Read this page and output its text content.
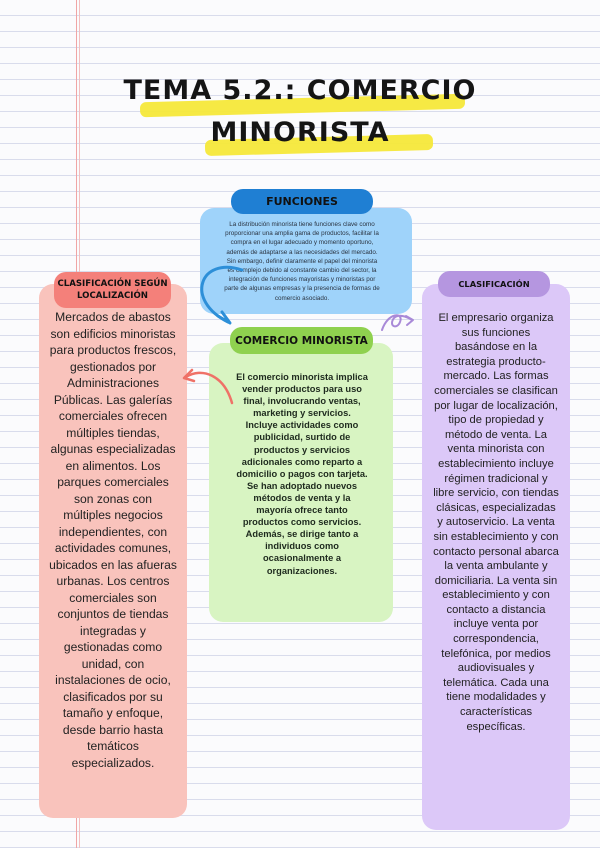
TEMA 5.2.: COMERCIO
MINORISTA
FUNCIONES
La distribución minorista tiene funciones clave como proporcionar una amplia gama de productos, facilitar la compra en el lugar adecuado y momento oportuno, además de adaptarse a las necesidades del mercado. Sin embargo, definir claramente el papel del minorista es complejo debido al constante cambio del sector, la integración de funciones mayoristas y minoristas por parte de algunas empresas y la presencia de formas de comercio asociado.
COMERCIO MINORISTA
El comercio minorista implica vender productos para uso final, involucrando ventas, marketing y servicios. Incluye actividades como publicidad, surtido de productos y servicios adicionales como reparto a domicilio o pagos con tarjeta. Se han adoptado nuevos métodos de venta y la mayoría ofrece tanto productos como servicios. Además, se dirige tanto a individuos como ocasionalmente a organizaciones.
CLASIFICACIÓN SEGÚN
LOCALIZACIÓN
Mercados de abastos son edificios minoristas para productos frescos, gestionados por Administraciones Públicas. Las galerías comerciales ofrecen múltiples tiendas, algunas especializadas en alimentos. Los parques comerciales son zonas con múltiples negocios independientes, con actividades comunes, ubicados en las afueras urbanas. Los centros comerciales son conjuntos de tiendas integradas y gestionadas como unidad, con instalaciones de ocio, clasificados por su tamaño y enfoque, desde barrio hasta temáticos especializados.
CLASIFICACIÓN
El empresario organiza sus funciones basándose en la estrategia producto-mercado. Las formas comerciales se clasifican por lugar de localización, tipo de propiedad y método de venta. La venta minorista con establecimiento incluye régimen tradicional y libre servicio, con tiendas clásicas, especializadas y autoservicio. La venta sin establecimiento y con contacto personal abarca la venta ambulante y domiciliaria. La venta sin establecimiento y con contacto a distancia incluye venta por correspondencia, telefónica, por medios audiovisuales y telemática. Cada una tiene modalidades y características específicas.
